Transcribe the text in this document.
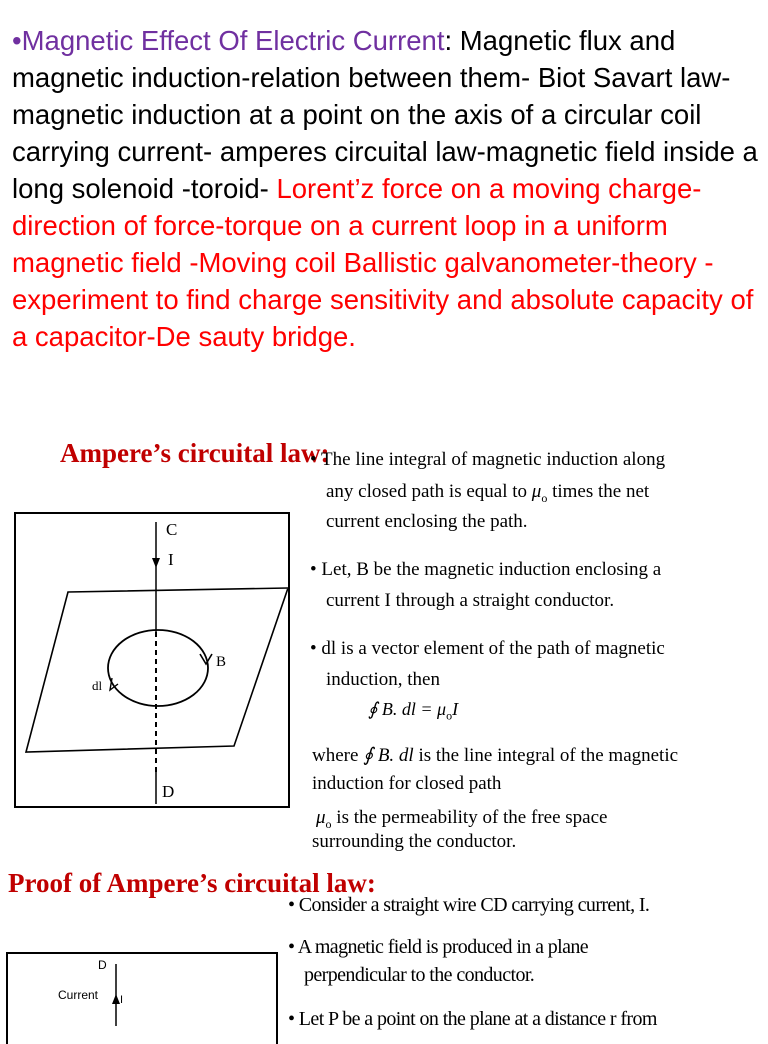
•Magnetic Effect Of Electric Current: Magnetic flux and magnetic induction-relation between them- Biot Savart law- magnetic induction at a point on the axis of a circular coil carrying current- amperes circuital law-magnetic field inside a long solenoid -toroid- Lorent’z force on a moving charge- direction of force-torque on a current loop in a uniform magnetic field -Moving coil Ballistic galvanometer-theory - experiment to find charge sensitivity and absolute capacity of a capacitor-De sauty bridge.

Ampere’s circuital law:
• The line integral of magnetic induction along
any closed path is equal to $\mu_o$ times the net
current enclosing the path.
• Let, B be the magnetic induction enclosing a
current I through a straight conductor.
• dl is a vector element of the path of magnetic
induction, then
∮ B. dl = $\mu_oI$
where ∮ B. dl is the line integral of the magnetic
induction for closed path
$\mu_o$ is the permeability of the free space
surrounding the conductor.
C
I
B
dl
D
Proof of Ampere’s circuital law:
• Consider a straight wire CD carrying current, I.
• A magnetic field is produced in a plane
perpendicular to the conductor.
• Let P be a point on the plane at a distance r from
D
Current I
